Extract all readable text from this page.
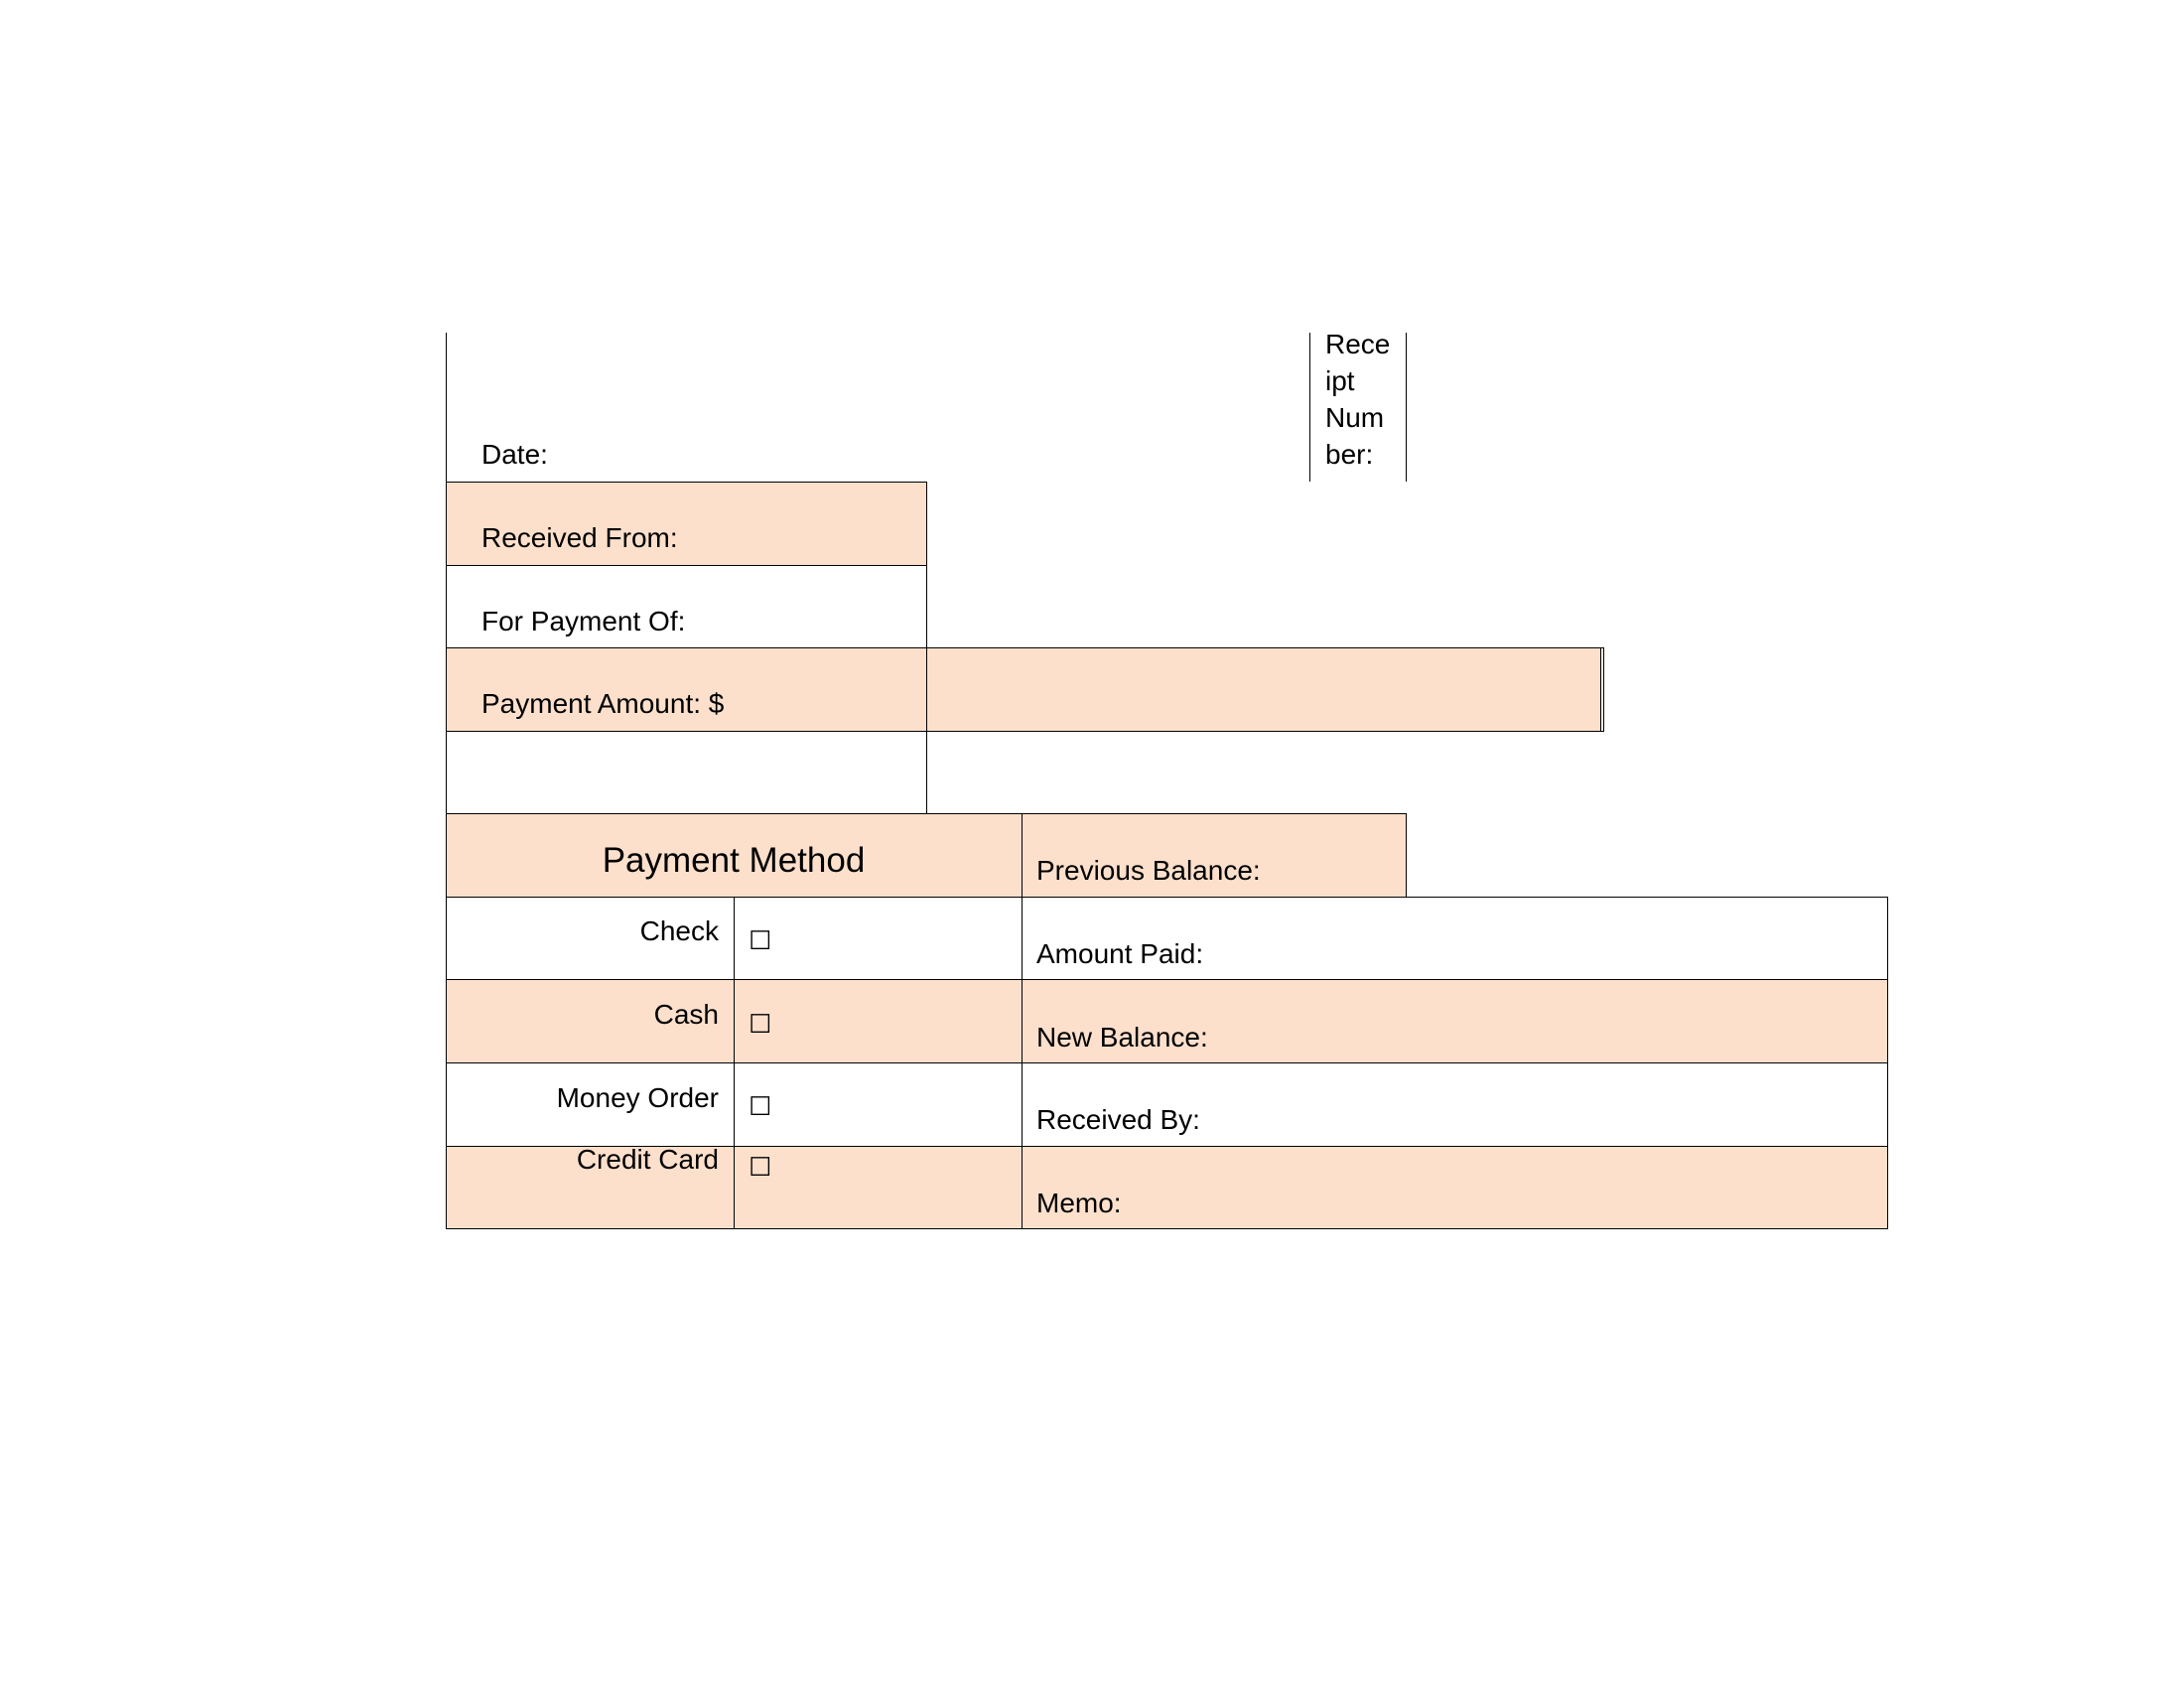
Date:
Rece
ipt
Num
ber:
Received From:
For Payment Of:
Payment Amount: $
Payment Method	Previous Balance:
Check ☐
Cash ☐
Money Order ☐
Credit Card ☐
Amount Paid:
New Balance:
Received By:
Memo:
